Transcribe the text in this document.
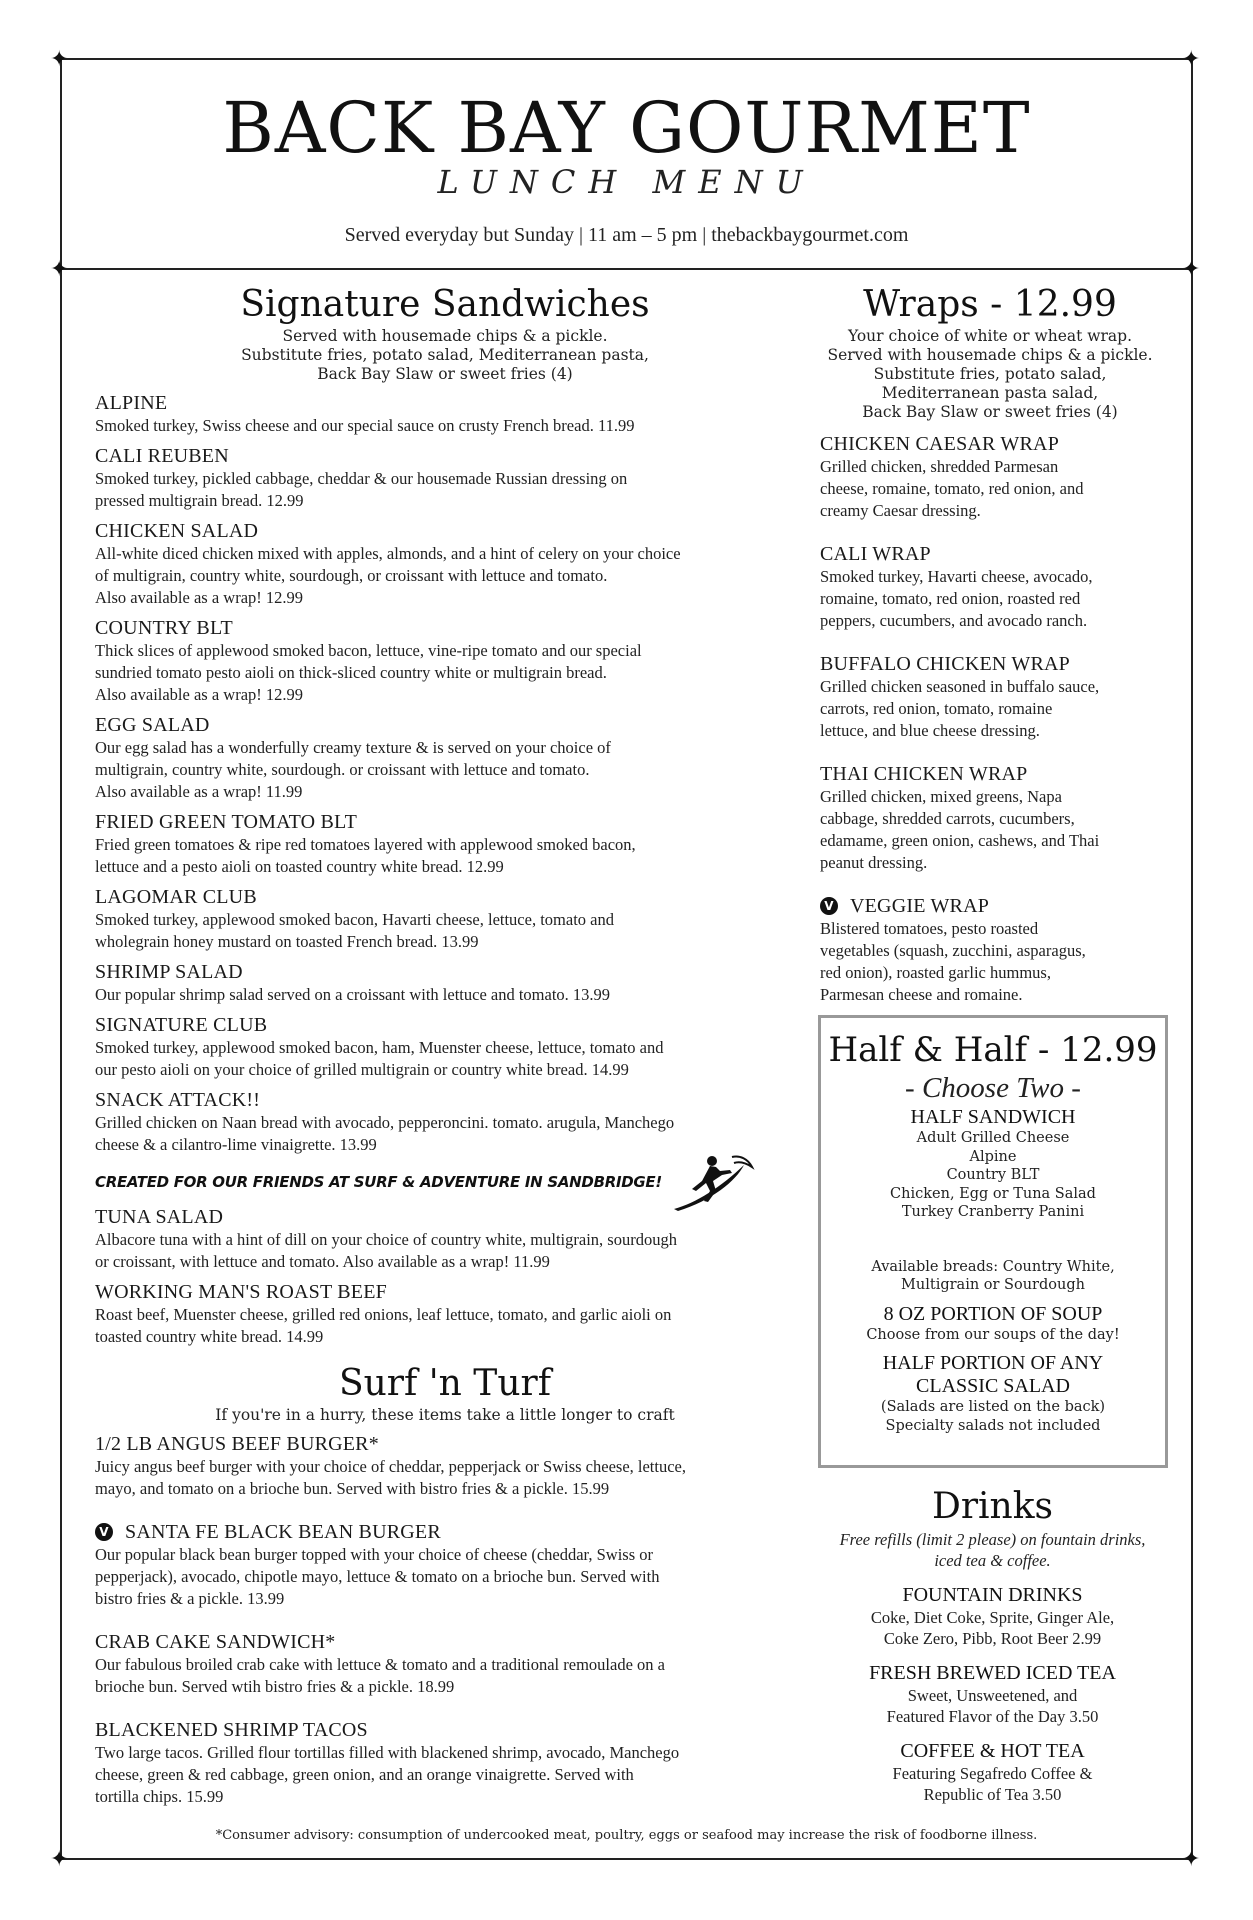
✦	✦
✦	✦
✦	✦
BACK BAY GOURMET
LUNCH MENU
Served everyday but Sunday | 11 am – 5 pm | thebackbaygourmet.com
Signature Sandwiches
Served with housemade chips & a pickle.
Substitute fries, potato salad, Mediterranean pasta,
Back Bay Slaw or sweet fries (4)
ALPINE
Smoked turkey, Swiss cheese and our special sauce on crusty French bread. 11.99
CALI REUBEN
Smoked turkey, pickled cabbage, cheddar & our housemade Russian dressing on
pressed multigrain bread. 12.99
CHICKEN SALAD
All-white diced chicken mixed with apples, almonds, and a hint of celery on your choice
of multigrain, country white, sourdough, or croissant with lettuce and tomato.
Also available as a wrap! 12.99
COUNTRY BLT
Thick slices of applewood smoked bacon, lettuce, vine-ripe tomato and our special
sundried tomato pesto aioli on thick-sliced country white or multigrain bread.
Also available as a wrap! 12.99
EGG SALAD
Our egg salad has a wonderfully creamy texture & is served on your choice of
multigrain, country white, sourdough. or croissant with lettuce and tomato.
Also available as a wrap! 11.99
FRIED GREEN TOMATO BLT
Fried green tomatoes & ripe red tomatoes layered with applewood smoked bacon,
lettuce and a pesto aioli on toasted country white bread. 12.99
LAGOMAR CLUB
Smoked turkey, applewood smoked bacon, Havarti cheese, lettuce, tomato and
wholegrain honey mustard on toasted French bread. 13.99
SHRIMP SALAD
Our popular shrimp salad served on a croissant with lettuce and tomato. 13.99
SIGNATURE CLUB
Smoked turkey, applewood smoked bacon, ham, Muenster cheese, lettuce, tomato and
our pesto aioli on your choice of grilled multigrain or country white bread. 14.99
SNACK ATTACK!!
Grilled chicken on Naan bread with avocado, pepperoncini. tomato. arugula, Manchego
cheese & a cilantro-lime vinaigrette. 13.99
CREATED FOR OUR FRIENDS AT SURF & ADVENTURE IN SANDBRIDGE!
TUNA SALAD
Albacore tuna with a hint of dill on your choice of country white, multigrain, sourdough
or croissant, with lettuce and tomato. Also available as a wrap! 11.99
WORKING MAN'S ROAST BEEF
Roast beef, Muenster cheese, grilled red onions, leaf lettuce, tomato, and garlic aioli on
toasted country white bread. 14.99
Surf 'n Turf
If you're in a hurry, these items take a little longer to craft
1/2 LB ANGUS BEEF BURGER*
Juicy angus beef burger with your choice of cheddar, pepperjack or Swiss cheese, lettuce,
mayo, and tomato on a brioche bun. Served with bistro fries & a pickle. 15.99
V SANTA FE BLACK BEAN BURGER
Our popular black bean burger topped with your choice of cheese (cheddar, Swiss or
pepperjack), avocado, chipotle mayo, lettuce & tomato on a brioche bun. Served with
bistro fries & a pickle. 13.99
CRAB CAKE SANDWICH*
Our fabulous broiled crab cake with lettuce & tomato and a traditional remoulade on a
brioche bun. Served wtih bistro fries & a pickle. 18.99
BLACKENED SHRIMP TACOS
Two large tacos. Grilled flour tortillas filled with blackened shrimp, avocado, Manchego
cheese, green & red cabbage, green onion, and an orange vinaigrette. Served with
tortilla chips. 15.99
Wraps - 12.99
Your choice of white or wheat wrap.
Served with housemade chips & a pickle.
Substitute fries, potato salad,
Mediterranean pasta salad,
Back Bay Slaw or sweet fries (4)
CHICKEN CAESAR WRAP
Grilled chicken, shredded Parmesan
cheese, romaine, tomato, red onion, and
creamy Caesar dressing.
CALI WRAP
Smoked turkey, Havarti cheese, avocado,
romaine, tomato, red onion, roasted red
peppers, cucumbers, and avocado ranch.
BUFFALO CHICKEN WRAP
Grilled chicken seasoned in buffalo sauce,
carrots, red onion, tomato, romaine
lettuce, and blue cheese dressing.
THAI CHICKEN WRAP
Grilled chicken, mixed greens, Napa
cabbage, shredded carrots, cucumbers,
edamame, green onion, cashews, and Thai
peanut dressing.
V VEGGIE WRAP
Blistered tomatoes, pesto roasted
vegetables (squash, zucchini, asparagus,
red onion), roasted garlic hummus,
Parmesan cheese and romaine.
Half & Half - 12.99
- Choose Two -
HALF SANDWICH
Adult Grilled Cheese
Alpine
Country BLT
Chicken, Egg or Tuna Salad
Turkey Cranberry Panini
Available breads: Country White,
Multigrain or Sourdough
8 OZ PORTION OF SOUP
Choose from our soups of the day!
HALF PORTION OF ANY
CLASSIC SALAD
(Salads are listed on the back)
Specialty salads not included
Drinks
Free refills (limit 2 please) on fountain drinks,
iced tea & coffee.
FOUNTAIN DRINKS
Coke, Diet Coke, Sprite, Ginger Ale,
Coke Zero, Pibb, Root Beer 2.99
FRESH BREWED ICED TEA
Sweet, Unsweetened, and
Featured Flavor of the Day 3.50
COFFEE & HOT TEA
Featuring Segafredo Coffee &
Republic of Tea 3.50
*Consumer advisory: consumption of undercooked meat, poultry, eggs or seafood may increase the risk of foodborne illness.
